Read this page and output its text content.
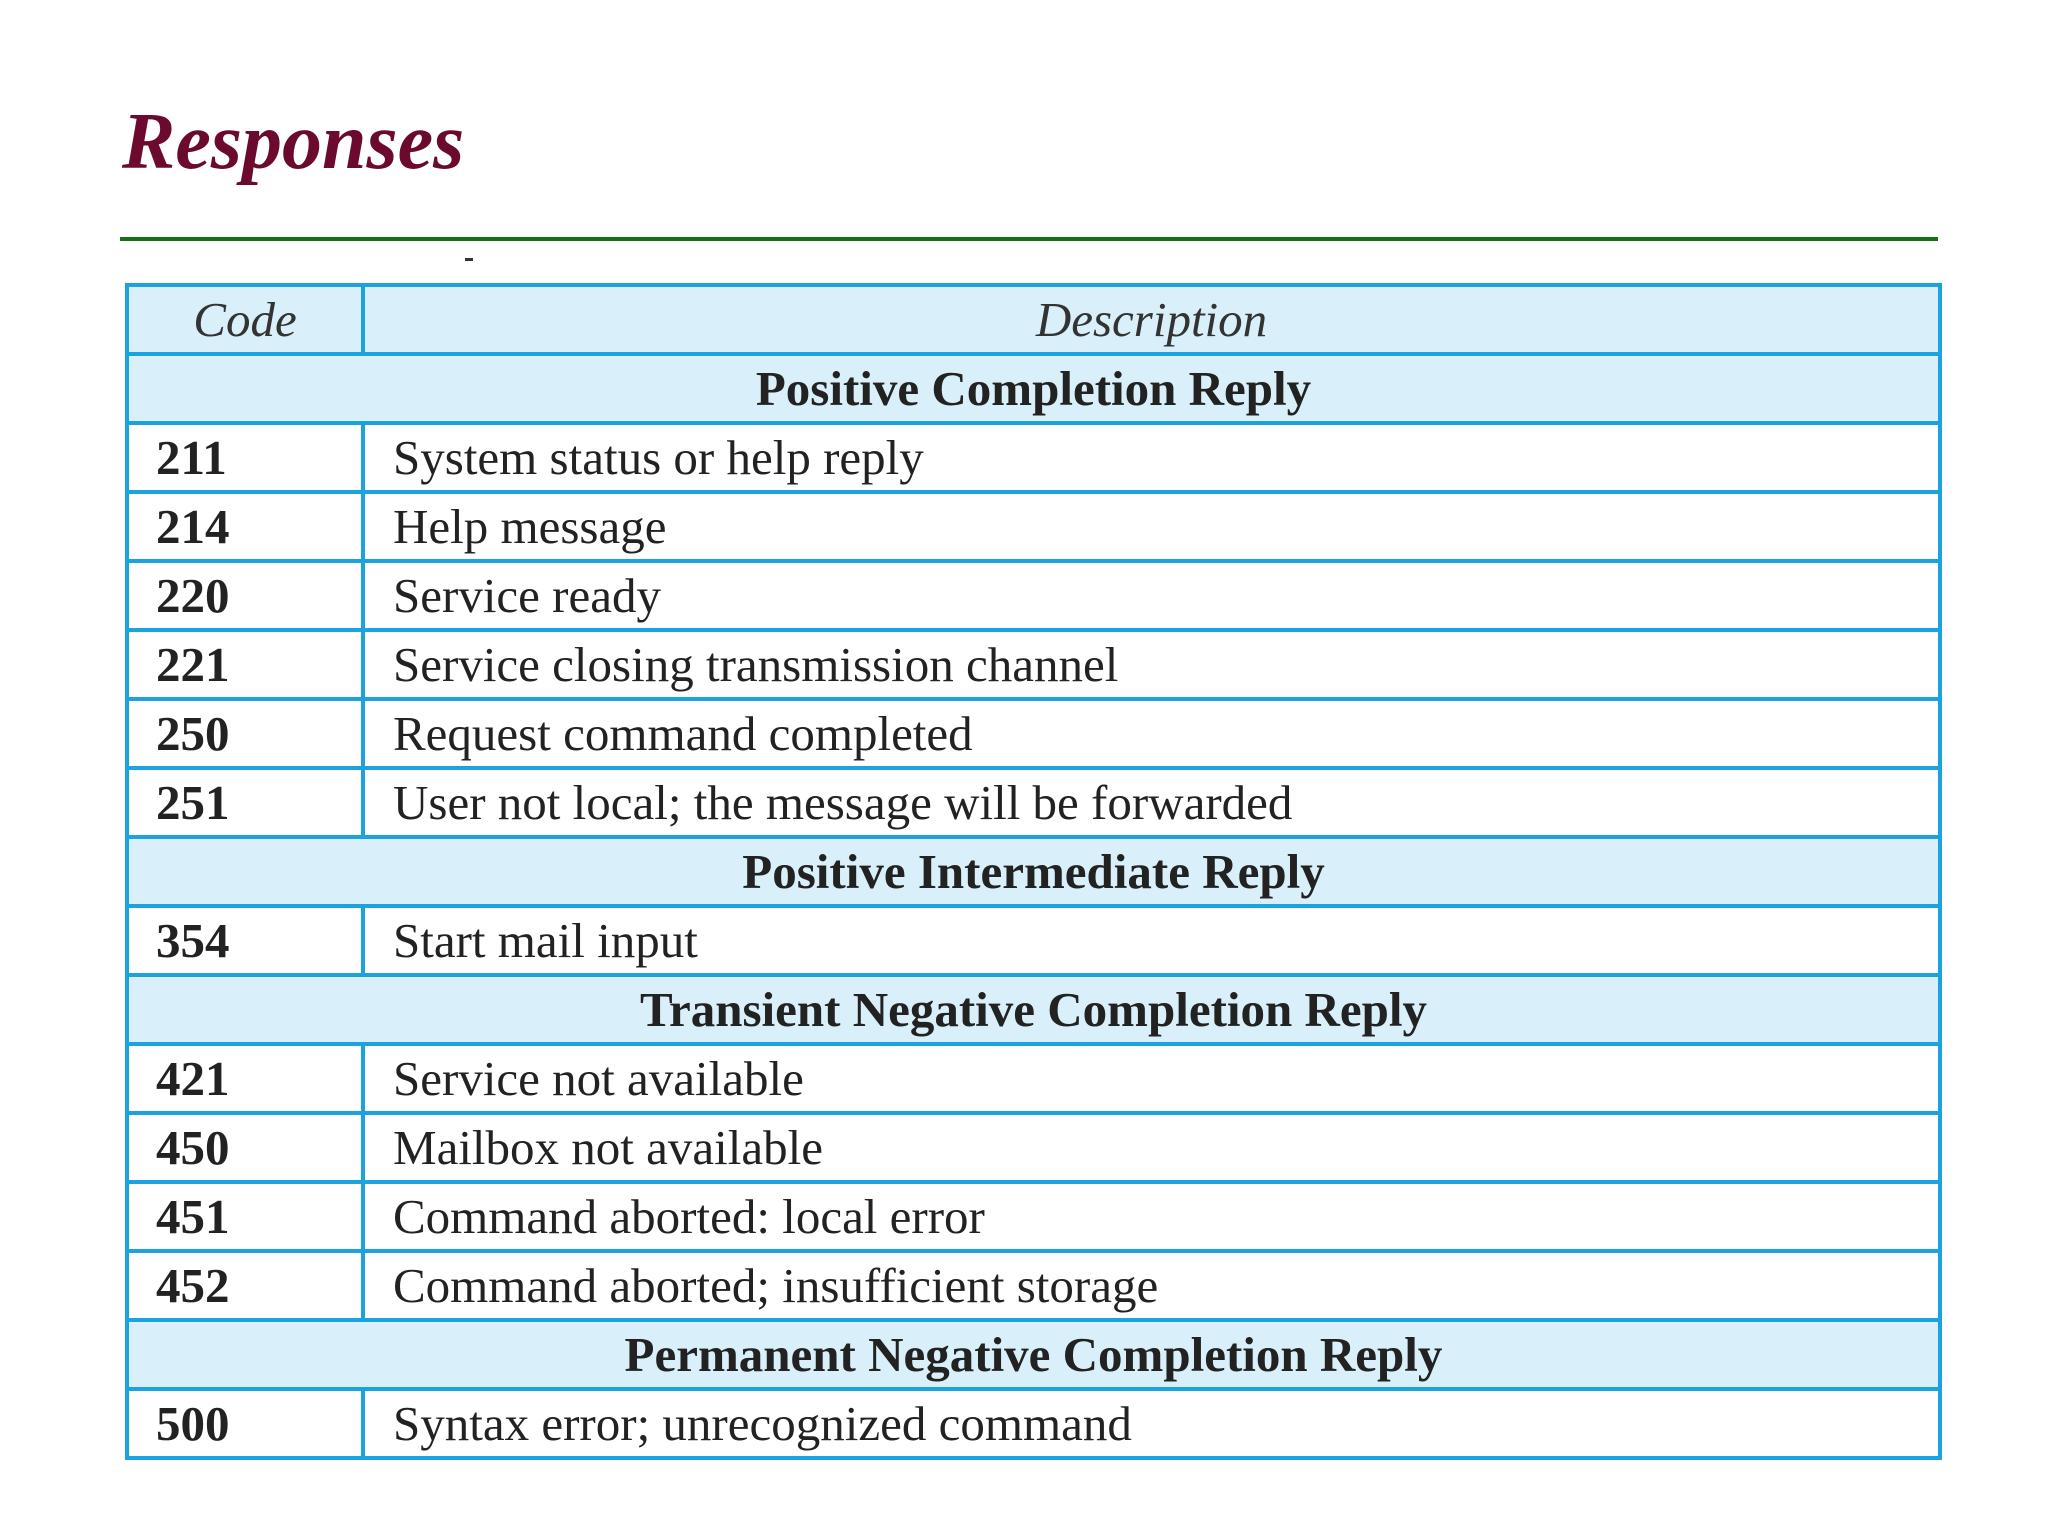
Responses
Code	Description
Positive Completion Reply	
211	System status or help reply
214	Help message
220	Service ready
221	Service closing transmission channel
250	Request command completed
251	User not local; the message will be forwarded
Positive Intermediate Reply	
354	Start mail input
Transient Negative Completion Reply	
421	Service not available
450	Mailbox not available
451	Command aborted: local error
452	Command aborted; insufficient storage
Permanent Negative Completion Reply	
500	Syntax error; unrecognized command
